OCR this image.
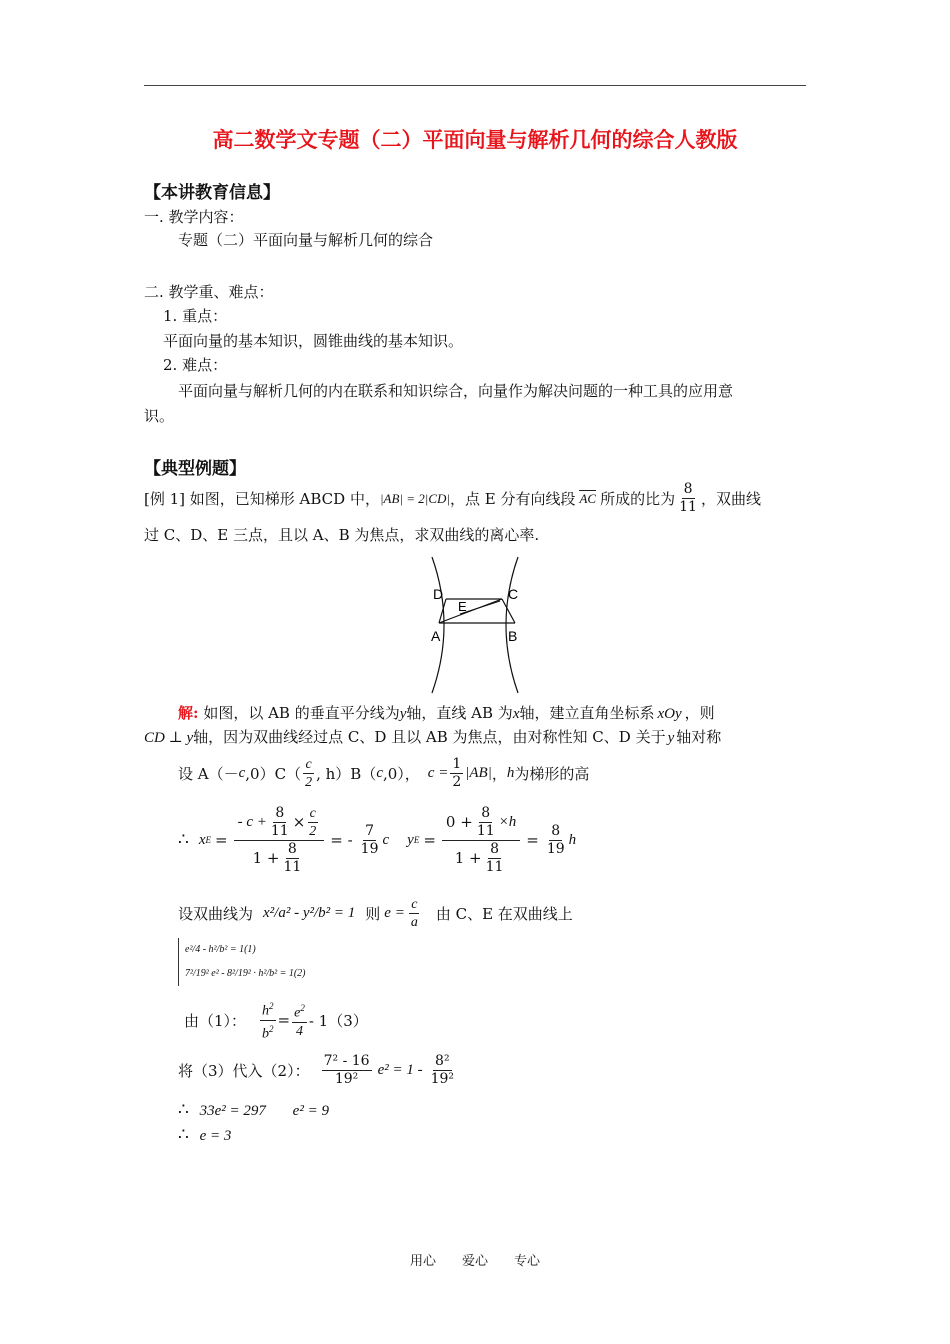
高二数学文专题（二）平面向量与解析几何的综合人教版
【本讲教育信息】
一. 教学内容：
专题（二）平面向量与解析几何的综合
二. 教学重、难点：
1. 重点：
平面向量的基本知识，圆锥曲线的基本知识。
2. 难点：
平面向量与解析几何的内在联系和知识综合，向量作为解决问题的一种工具的应用意
识。
【典型例题】
[例 1] 如图，已知梯形 ABCD 中， |AB| = 2|CD| ，点 E 分有向线段 AC 所成的比为 $\frac{8}{11}$ ，双曲线
过 C、D、E 三点，且以 A、B 为焦点，求双曲线的离心率.
D	C
E
A	B
解: 如图，以 AB 的垂直平分线为y轴，直线 AB 为x轴，建立直角坐标系 xOy ，则
CD ⊥ y轴，因为双曲线经过点 C、D 且以 AB 为焦点，由对称性知 C、D 关于 y 轴对称
设 A（－ c $,0)C( \frac{c}{2}$ , h）B（ c ,0）， $c = \frac{1}{2} |AB|$ ， h 为梯形的高
∴ x $E = \frac{- c + \frac{8}{11} \times \frac{c}{2}}{1 + \frac{8}{11}}$ = - $\frac{7}{19}$ c y $E = \frac{0 + \frac{8}{11} \times h}{1 + \frac{8}{11}} = \frac{8}{19}$ h
设双曲线为 x²/a² - y²/b² = 1 则 $e = \frac{c}{a}$ 由 C、E 在双曲线上
e²/4 - h²/b² = 1(1)
7²/19² e² - 8²/19² · h²/b² = 1(2)
由（1）： $\frac{h^2}{b^2} = \frac{e^2}{4} - 1(3)$
将（3）代入（2）： $\frac{\text{7² - 16}}{\text{19²}} e^2 = 1 - \frac{\text{8²}}{\text{19²}}$
∴ 33e² = 297 e² = 9
∴ e = 3
用心　　爱心　　专心
